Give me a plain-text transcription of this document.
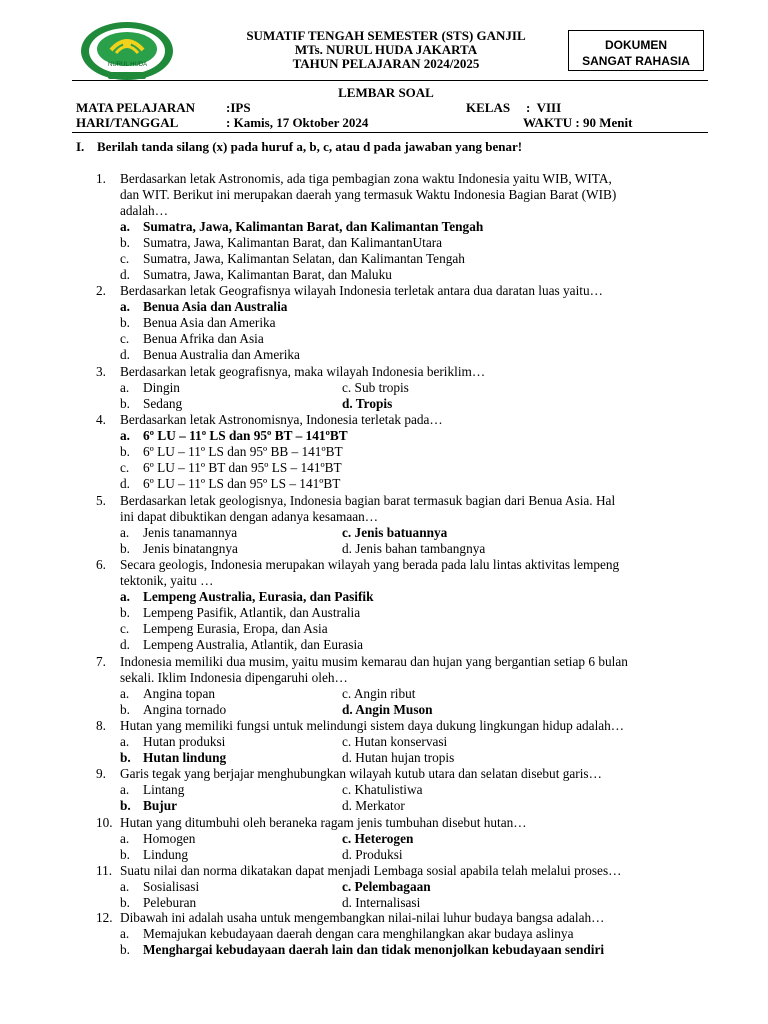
NURUL HUDA
SUMATIF TENGAH SEMESTER (STS) GANJIL
MTs. NURUL HUDA JAKARTA
TAHUN PELAJARAN 2024/2025
DOKUMEN
SANGAT RAHASIA
LEMBAR SOAL
MATA PELAJARAN :IPS	KELAS :  VIII
HARI/TANGGAL	: Kamis, 17 Oktober 2024	WAKTU : 90 Menit
I. Berilah tanda silang (x) pada huruf a, b, c, atau d pada jawaban yang benar!
1.	Berdasarkan letak Astronomis, ada tiga pembagian zona waktu Indonesia yaitu WIB, WITA,
dan WIT. Berikut ini merupakan daerah yang termasuk Waktu Indonesia Bagian Barat (WIB)
adalah…
a. Sumatra, Jawa, Kalimantan Barat, dan Kalimantan Tengah
b. Sumatra, Jawa, Kalimantan Barat, dan KalimantanUtara
c.	Sumatra, Jawa, Kalimantan Selatan, dan Kalimantan Tengah
d. Sumatra, Jawa, Kalimantan Barat, dan Maluku
2.	Berdasarkan letak Geografisnya wilayah Indonesia terletak antara dua daratan luas yaitu…
a. Benua Asia dan Australia
b. Benua Asia dan Amerika
c.	Benua Afrika dan Asia
d. Benua Australia dan Amerika
3.	Berdasarkan letak geografisnya, maka wilayah Indonesia beriklim…
a.	Dingin	c. Sub tropis
b. Sedang	d. Tropis
4.	Berdasarkan letak Astronomisnya, Indonesia terletak pada…
a. 6º LU – 11º LS dan 95º BT – 141ºBT
b. 6º LU – 11º LS dan 95º BB – 141ºBT
c.	6º LU – 11º BT dan 95º LS – 141ºBT
d. 6º LU – 11º LS dan 95º LS – 141ºBT
5.	Berdasarkan letak geologisnya, Indonesia bagian barat termasuk bagian dari Benua Asia. Hal
ini dapat dibuktikan dengan adanya kesamaan…
a.	Jenis tanamannya	c. Jenis batuannya
b. Jenis binatangnya	d. Jenis bahan tambangnya
6.	Secara geologis, Indonesia merupakan wilayah yang berada pada lalu lintas aktivitas lempeng
tektonik, yaitu …
a. Lempeng Australia, Eurasia, dan Pasifik
b. Lempeng Pasifik, Atlantik, dan Australia
c.	Lempeng Eurasia, Eropa, dan Asia
d. Lempeng Australia, Atlantik, dan Eurasia
7.	Indonesia memiliki dua musim, yaitu musim kemarau dan hujan yang bergantian setiap 6 bulan
sekali. Iklim Indonesia dipengaruhi oleh…
a.	Angina topan	c. Angin ribut
b. Angina tornado	d. Angin Muson
8.	Hutan yang memiliki fungsi untuk melindungi sistem daya dukung lingkungan hidup adalah…
a.	Hutan produksi	c. Hutan konservasi
b. Hutan lindung	d. Hutan hujan tropis
9.	Garis tegak yang berjajar menghubungkan wilayah kutub utara dan selatan disebut garis…
a.	Lintang	c. Khatulistiwa
b. Bujur	d. Merkator
10. Hutan yang ditumbuhi oleh beraneka ragam jenis tumbuhan disebut hutan…
a.	Homogen	c. Heterogen
b. Lindung	d. Produksi
11. Suatu nilai dan norma dikatakan dapat menjadi Lembaga sosial apabila telah melalui proses…
a.	Sosialisasi	c. Pelembagaan
b. Peleburan	d. Internalisasi
12. Dibawah ini adalah usaha untuk mengembangkan nilai-nilai luhur budaya bangsa adalah…
a.	Memajukan kebudayaan daerah dengan cara menghilangkan akar budaya aslinya
b. Menghargai kebudayaan daerah lain dan tidak menonjolkan kebudayaan sendiri
